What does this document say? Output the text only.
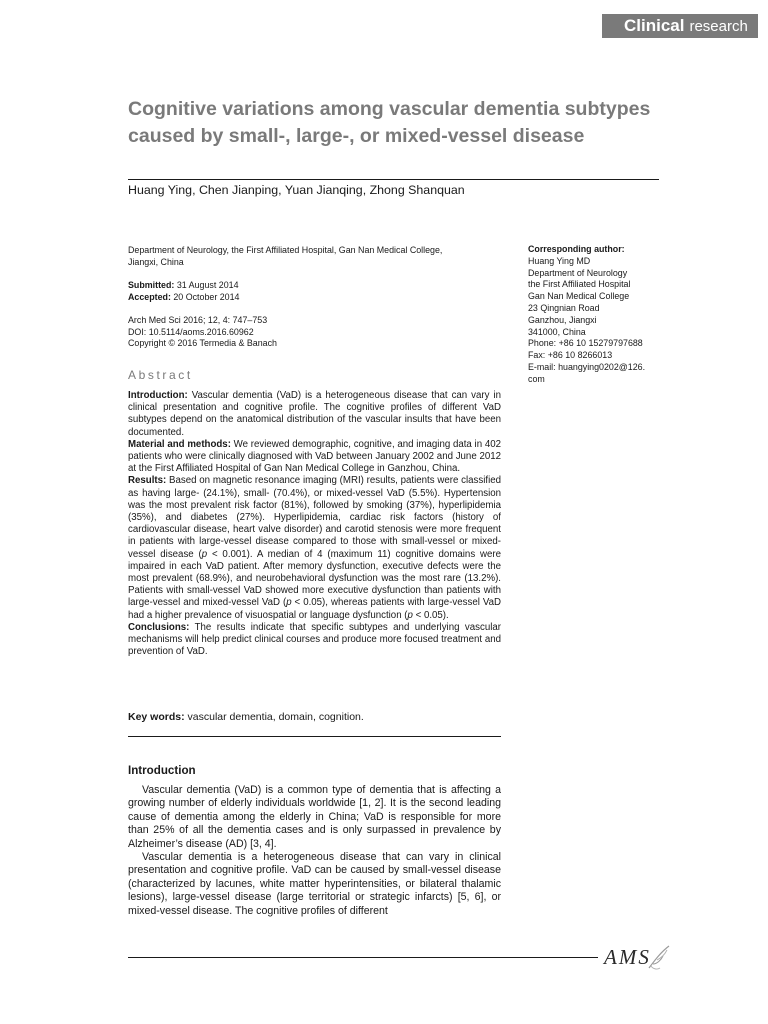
Clinical research
Cognitive variations among vascular dementia subtypes
caused by small-, large-, or mixed-vessel disease
Huang Ying, Chen Jianping, Yuan Jianqing, Zhong Shanquan
Department of Neurology, the First Affiliated Hospital, Gan Nan Medical College,
Jiangxi, China
Submitted: 31 August 2014
Accepted: 20 October 2014
Arch Med Sci 2016; 12, 4: 747–753
DOI: 10.5114/aoms.2016.60962
Copyright © 2016 Termedia & Banach
Corresponding author:
Huang Ying MD
Department of Neurology
the First Affiliated Hospital
Gan Nan Medical College
23 Qingnian Road
Ganzhou, Jiangxi
341000, China
Phone: +86 10 15279797688
Fax: +86 10 8266013
E-mail: huangying0202@126.
com
Abstract

Introduction: Vascular dementia (VaD) is a heterogeneous disease that can vary in clinical presentation and cognitive profile. The cognitive profiles of different VaD subtypes depend on the anatomical distribution of the vascular insults that have been documented.

Material and methods: We reviewed demographic, cognitive, and imaging data in 402 patients who were clinically diagnosed with VaD between January 2002 and June 2012 at the First Affiliated Hospital of Gan Nan Medical College in Ganzhou, China.

Results: Based on magnetic resonance imaging (MRI) results, patients were classified as having large- (24.1%), small- (70.4%), or mixed-vessel VaD (5.5%). Hypertension was the most prevalent risk factor (81%), followed by smoking (37%), hyperlipidemia (35%), and diabetes (27%). Hyperlipidemia, cardiac risk factors (history of cardiovascular disease, heart valve disorder) and carotid stenosis were more frequent in patients with large-vessel disease compared to those with small-vessel or mixed-vessel disease (p < 0.001). A median of 4 (maximum 11) cognitive domains were impaired in each VaD patient. After memory dysfunction, executive defects were the most prevalent (68.9%), and neurobehavioral dysfunction was the most rare (13.2%). Patients with small-vessel VaD showed more executive dysfunction than patients with large-vessel and mixed-vessel VaD (p < 0.05), whereas patients with large-vessel VaD had a higher prevalence of visuospatial or language dysfunction (p < 0.05).

Conclusions: The results indicate that specific subtypes and underlying vascular mechanisms will help predict clinical courses and produce more focused treatment and prevention of VaD.

Key words: vascular dementia, domain, cognition.
Introduction

Vascular dementia (VaD) is a common type of dementia that is affecting a growing number of elderly individuals worldwide [1, 2]. It is the second leading cause of dementia among the elderly in China; VaD is responsible for more than 25% of all the dementia cases and is only surpassed in prevalence by Alzheimer’s disease (AD) [3, 4].

Vascular dementia is a heterogeneous disease that can vary in clinical presentation and cognitive profile. VaD can be caused by small-vessel disease (characterized by lacunes, white matter hyperintensities, or bilateral thalamic lesions), large-vessel disease (large territorial or strategic infarcts) [5, 6], or mixed-vessel disease. The cognitive profiles of different

AMS
